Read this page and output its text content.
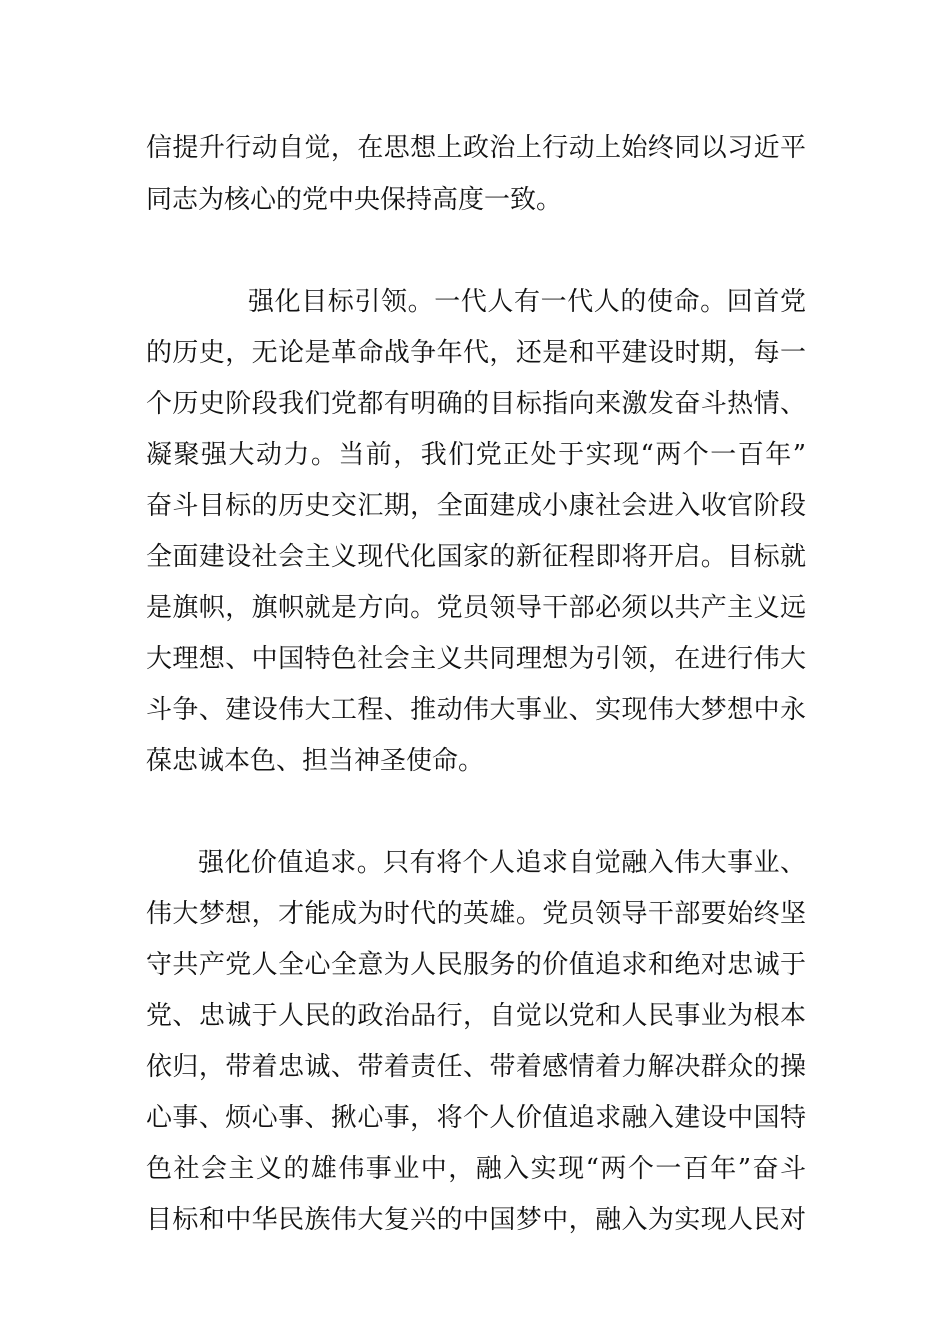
信提升行动自觉，在思想上政治上行动上始终同以习近平
同志为核心的党中央保持高度一致。
强化目标引领。一代人有一代人的使命。回首党
的历史，无论是革命战争年代，还是和平建设时期，每一
个历史阶段我们党都有明确的目标指向来激发奋斗热情、
凝聚强大动力。当前，我们党正处于实现“两个一百年”
奋斗目标的历史交汇期，全面建成小康社会进入收官阶段
全面建设社会主义现代化国家的新征程即将开启。目标就
是旗帜，旗帜就是方向。党员领导干部必须以共产主义远
大理想、中国特色社会主义共同理想为引领，在进行伟大
斗争、建设伟大工程、推动伟大事业、实现伟大梦想中永
葆忠诚本色、担当神圣使命。
强化价值追求。只有将个人追求自觉融入伟大事业、
伟大梦想，才能成为时代的英雄。党员领导干部要始终坚
守共产党人全心全意为人民服务的价值追求和绝对忠诚于
党、忠诚于人民的政治品行，自觉以党和人民事业为根本
依归，带着忠诚、带着责任、带着感情着力解决群众的操
心事、烦心事、揪心事，将个人价值追求融入建设中国特
色社会主义的雄伟事业中，融入实现“两个一百年”奋斗
目标和中华民族伟大复兴的中国梦中，融入为实现人民对
